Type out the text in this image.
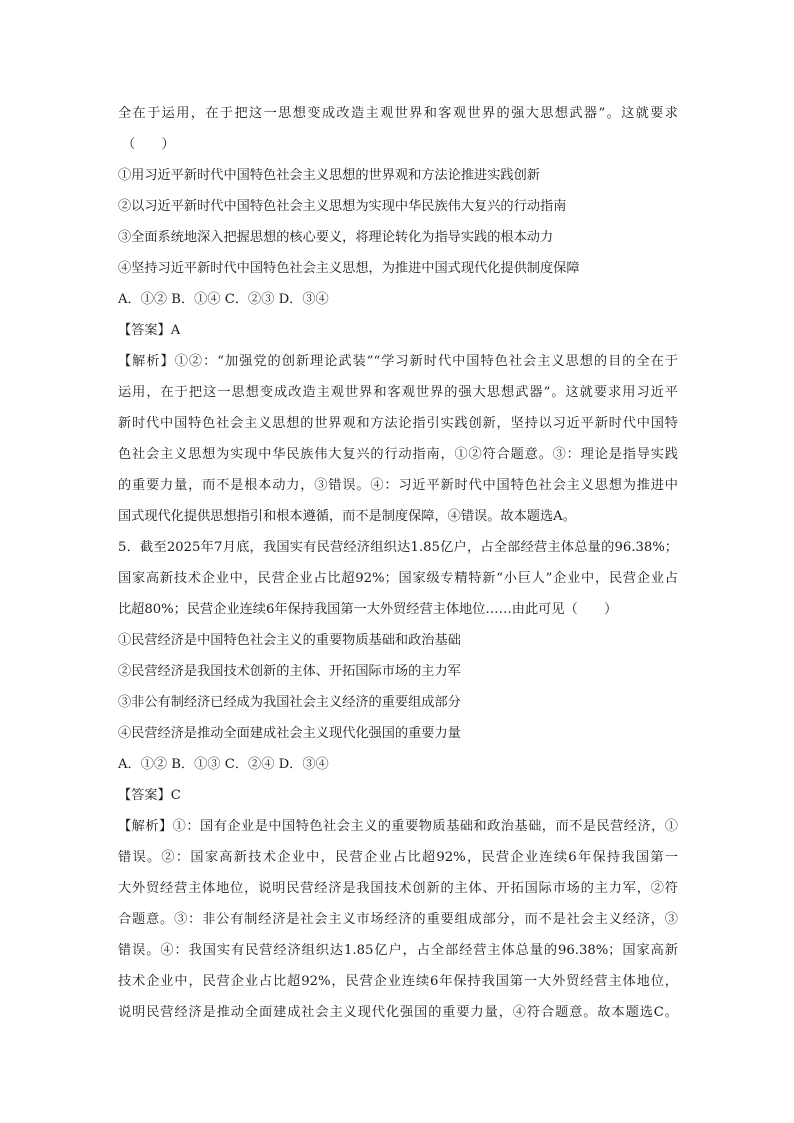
全在于运用，在于把这一思想变成改造主观世界和客观世界的强大思想武器”。这就要求
（　　）
①用习近平新时代中国特色社会主义思想的世界观和方法论推进实践创新
②以习近平新时代中国特色社会主义思想为实现中华民族伟大复兴的行动指南
③全面系统地深入把握思想的核心要义，将理论转化为指导实践的根本动力
④坚持习近平新时代中国特色社会主义思想，为推进中国式现代化提供制度保障
A．①② B．①④ C．②③ D．③④
【答案】A
【解析】①②：“加强党的创新理论武装”“学习新时代中国特色社会主义思想的目的全在于
运用，在于把这一思想变成改造主观世界和客观世界的强大思想武器”。这就要求用习近平
新时代中国特色社会主义思想的世界观和方法论指引实践创新，坚持以习近平新时代中国特
色社会主义思想为实现中华民族伟大复兴的行动指南，①②符合题意。③：理论是指导实践
的重要力量，而不是根本动力，③错误。④：习近平新时代中国特色社会主义思想为推进中
国式现代化提供思想指引和根本遵循，而不是制度保障，④错误。故本题选A。
5．截至2025年7月底，我国实有民营经济组织达1.85亿户，占全部经营主体总量的96.38%；
国家高新技术企业中，民营企业占比超92%；国家级专精特新“小巨人”企业中，民营企业占
比超80%；民营企业连续6年保持我国第一大外贸经营主体地位……由此可见（　　）
①民营经济是中国特色社会主义的重要物质基础和政治基础
②民营经济是我国技术创新的主体、开拓国际市场的主力军
③非公有制经济已经成为我国社会主义经济的重要组成部分
④民营经济是推动全面建成社会主义现代化强国的重要力量
A．①② B．①③ C．②④ D．③④
【答案】C
【解析】①：国有企业是中国特色社会主义的重要物质基础和政治基础，而不是民营经济，①
错误。②：国家高新技术企业中，民营企业占比超92%，民营企业连续6年保持我国第一
大外贸经营主体地位，说明民营经济是我国技术创新的主体、开拓国际市场的主力军，②符
合题意。③：非公有制经济是社会主义市场经济的重要组成部分，而不是社会主义经济，③
错误。④：我国实有民营经济组织达1.85亿户，占全部经营主体总量的96.38%；国家高新
技术企业中，民营企业占比超92%，民营企业连续6年保持我国第一大外贸经营主体地位，
说明民营经济是推动全面建成社会主义现代化强国的重要力量，④符合题意。故本题选C。
